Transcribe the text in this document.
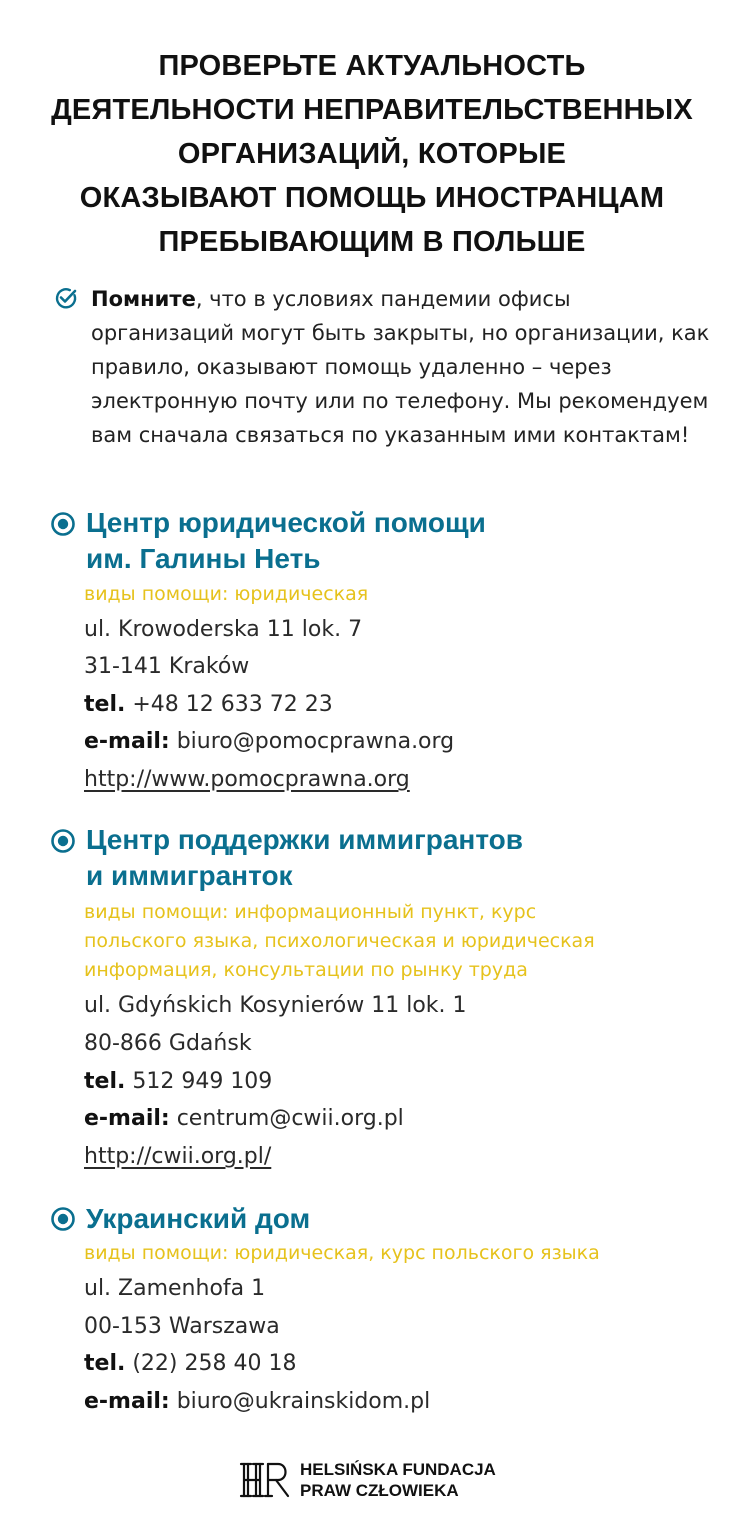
ПРОВЕРЬТЕ АКТУАЛЬНОСТЬ
ДЕЯТЕЛЬНОСТИ НЕПРАВИТЕЛЬСТВЕННЫХ
ОРГАНИЗАЦИЙ, КОТОРЫЕ
ОКАЗЫВАЮТ ПОМОЩЬ ИНОСТРАНЦАМ
ПРЕБЫВАЮЩИМ В ПОЛЬШЕ
Помните, что в условиях пандемии офисы организаций могут быть закрыты, но организации, как правило, оказывают помощь удаленно – через электронную почту или по телефону. Мы рекомендуем вам сначала связаться по указанным ими контактам!
Центр юридической помощи
им. Галины Неть
виды помощи: юридическая
ul. Krowoderska 11 lok. 7
31-141 Kraków
tel. +48 12 633 72 23
e-mail: biuro@pomocprawna.org
http://www.pomocprawna.org
Центр поддержки иммигрантов
и иммигранток
виды помощи: информационный пункт, курс
польского языка, психологическая и юридическая
информация, консультации по рынку труда
ul. Gdyńskich Kosynierów 11 lok. 1
80-866 Gdańsk
tel. 512 949 109
e-mail: centrum@cwii.org.pl
http://cwii.org.pl/
Украинский дом
виды помощи: юридическая, курс польского языка
ul. Zamenhofa 1
00-153 Warszawa
tel. (22) 258 40 18
e-mail: biuro@ukrainskidom.pl
HELSIŃSKA FUNDACJA
PRAW CZŁOWIEKA
